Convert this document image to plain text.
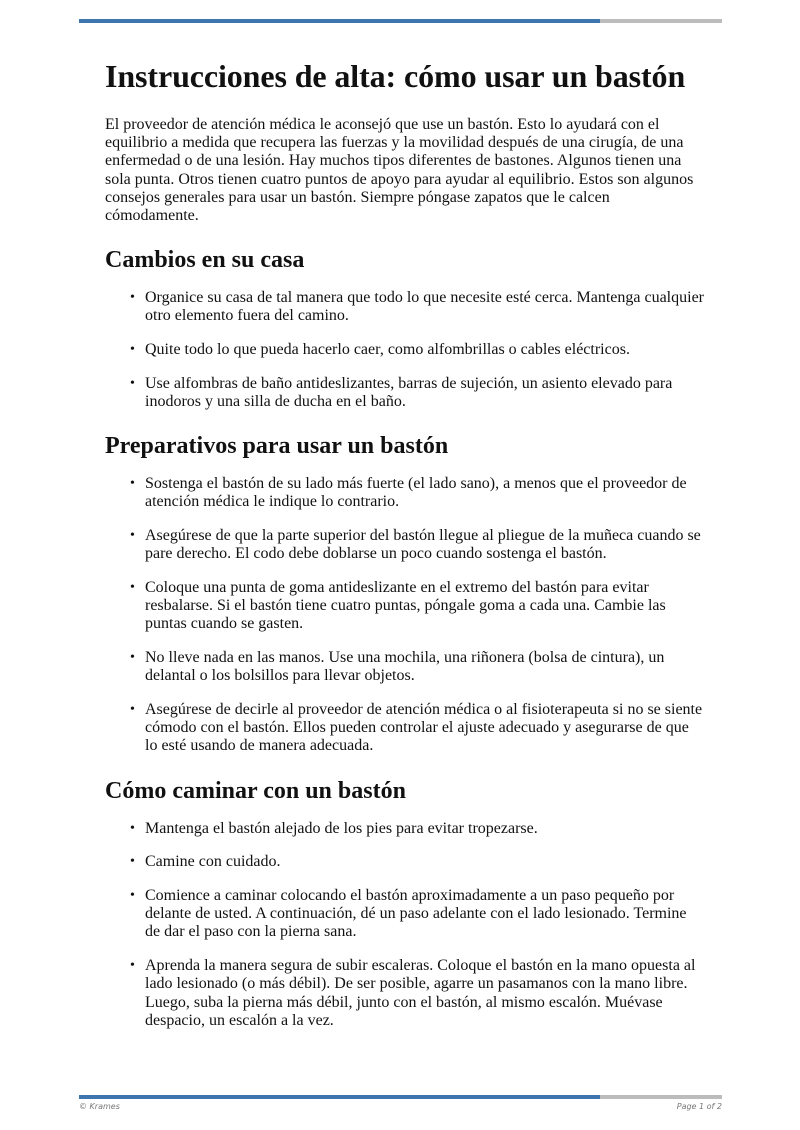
Instrucciones de alta: cómo usar un bastón

El proveedor de atención médica le aconsejó que use un bastón. Esto lo ayudará con el equilibrio a medida que recupera las fuerzas y la movilidad después de una cirugía, de una enfermedad o de una lesión. Hay muchos tipos diferentes de bastones. Algunos tienen una sola punta. Otros tienen cuatro puntos de apoyo para ayudar al equilibrio. Estos son algunos consejos generales para usar un bastón. Siempre póngase zapatos que le calcen cómodamente.

Cambios en su casa
• Organice su casa de tal manera que todo lo que necesite esté cerca. Mantenga cualquier otro elemento fuera del camino.
• Quite todo lo que pueda hacerlo caer, como alfombrillas o cables eléctricos.
• Use alfombras de baño antideslizantes, barras de sujeción, un asiento elevado para inodoros y una silla de ducha en el baño.
Preparativos para usar un bastón
• Sostenga el bastón de su lado más fuerte (el lado sano), a menos que el proveedor de atención médica le indique lo contrario.
• Asegúrese de que la parte superior del bastón llegue al pliegue de la muñeca cuando se pare derecho. El codo debe doblarse un poco cuando sostenga el bastón.
• Coloque una punta de goma antideslizante en el extremo del bastón para evitar resbalarse. Si el bastón tiene cuatro puntas, póngale goma a cada una. Cambie las puntas cuando se gasten.
• No lleve nada en las manos. Use una mochila, una riñonera (bolsa de cintura), un delantal o los bolsillos para llevar objetos.
• Asegúrese de decirle al proveedor de atención médica o al fisioterapeuta si no se siente cómodo con el bastón. Ellos pueden controlar el ajuste adecuado y asegurarse de que lo esté usando de manera adecuada.
Cómo caminar con un bastón
• Mantenga el bastón alejado de los pies para evitar tropezarse.
• Camine con cuidado.
• Comience a caminar colocando el bastón aproximadamente a un paso pequeño por delante de usted. A continuación, dé un paso adelante con el lado lesionado. Termine de dar el paso con la pierna sana.
• Aprenda la manera segura de subir escaleras. Coloque el bastón en la mano opuesta al lado lesionado (o más débil). De ser posible, agarre un pasamanos con la mano libre. Luego, suba la pierna más débil, junto con el bastón, al mismo escalón. Muévase despacio, un escalón a la vez.
© Krames	Page 1 of 2
